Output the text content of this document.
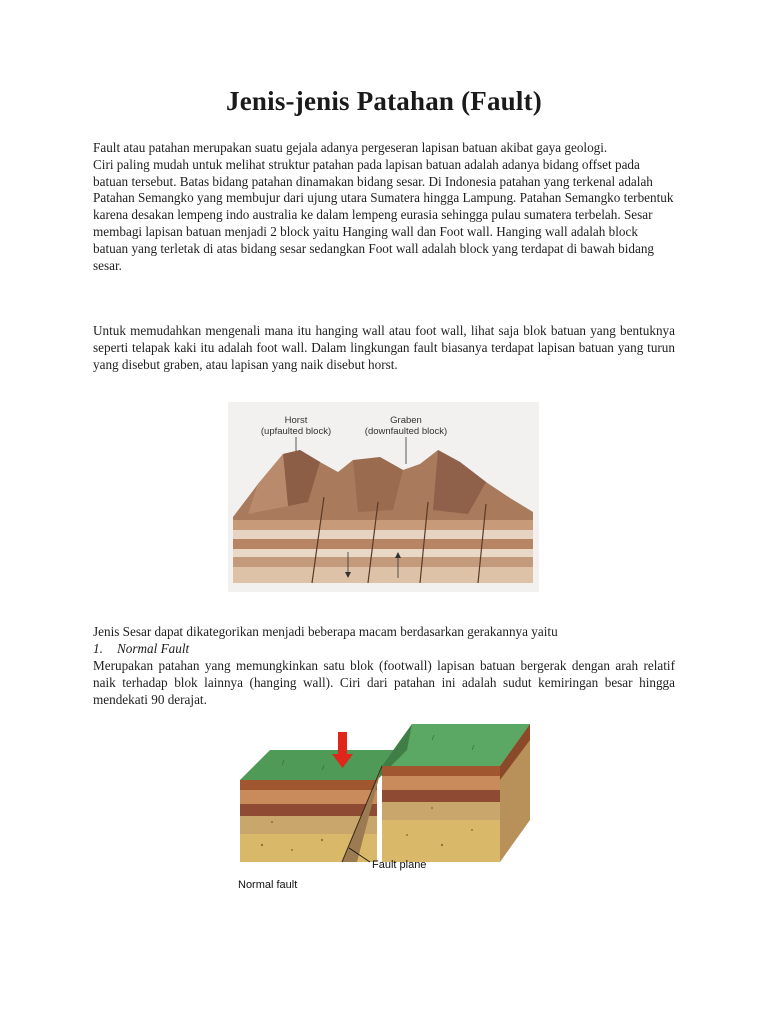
Jenis-jenis Patahan (Fault)

Fault atau patahan merupakan suatu gejala adanya pergeseran lapisan batuan akibat gaya geologi.
Ciri paling mudah untuk melihat struktur patahan pada lapisan batuan adalah adanya bidang offset pada batuan tersebut. Batas bidang patahan dinamakan bidang sesar. Di Indonesia patahan yang terkenal adalah Patahan Semangko yang membujur dari ujung utara Sumatera hingga Lampung. Patahan Semangko terbentuk karena desakan lempeng indo australia ke dalam lempeng eurasia sehingga pulau sumatera terbelah. Sesar membagi lapisan batuan menjadi 2 block yaitu Hanging wall dan Foot wall. Hanging wall adalah block batuan yang terletak di atas bidang sesar sedangkan Foot wall adalah block yang terdapat di bawah bidang sesar.

Untuk memudahkan mengenali mana itu hanging wall atau foot wall, lihat saja blok batuan yang bentuknya seperti telapak kaki itu adalah foot wall. Dalam lingkungan fault biasanya terdapat lapisan batuan yang turun yang disebut graben, atau lapisan yang naik disebut horst.

Horst
(upfaulted block)
Graben
(downfaulted block)

Jenis Sesar dapat dikategorikan menjadi beberapa macam berdasarkan gerakannya yaitu

1. Normal Fault

Merupakan patahan yang memungkinkan satu blok (footwall) lapisan batuan bergerak dengan arah relatif naik terhadap blok lainnya (hanging wall). Ciri dari patahan ini adalah sudut kemiringan besar hingga mendekati 90 derajat.

Fault plane
Normal fault
